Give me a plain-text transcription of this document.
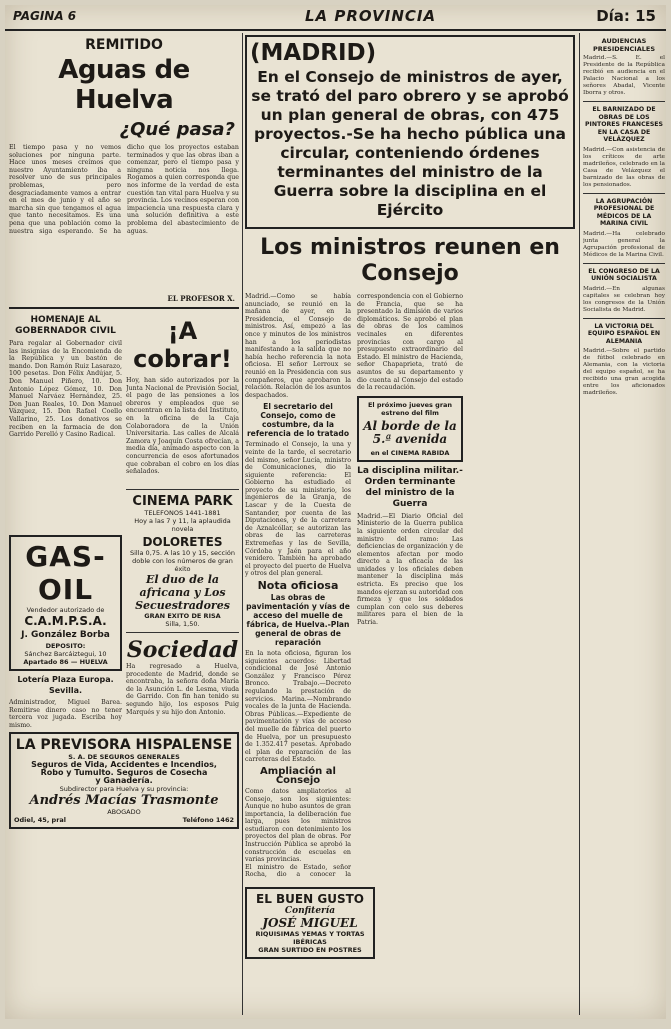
PAGINA 6	LA PROVINCIA	Día: 15
REMITIDO
Aguas de Huelva
¿Qué pasa?

El tiempo pasa y no vemos soluciones por ninguna parte. Hace unos meses creímos que nuestro Ayuntamiento iba a resolver uno de sus principales problemas, pero desgraciadamente vamos a entrar en el mes de junio y el año se marcha sin que tengamos el agua que tanto necesitamos. Es una pena que una población como la nuestra siga esperando. Se ha dicho que los proyectos estaban terminados y que las obras iban a comenzar, pero el tiempo pasa y ninguna noticia nos llega. Rogamos a quien corresponda que nos informe de la verdad de esta cuestión tan vital para Huelva y su provincia. Los vecinos esperan con impaciencia una respuesta clara y una solución definitiva a este problema del abastecimiento de aguas.

EL PROFESOR X.
HOMENAJE AL GOBERNADOR CIVIL

Para regalar al Gobernador civil las insignias de la Encomienda de la República y un bastón de mando. Don Ramón Ruiz Lasarazo, 100 pesetas. Don Félix Andújar, 5. Don Manuel Piñero, 10. Don Antonio López Gómez, 10. Don Manuel Narváez Hernández, 25. Don Juan Reales, 10. Don Manuel Vázquez, 15. Don Rafael Coello Vallarino, 25. Los donativos se reciben en la farmacia de don Garrido Perelló y Casino Radical.

¡A cobrar!

Hoy, han sido autorizados por la Junta Nacional de Previsión Social, el pago de las pensiones a los obreros y empleados que se encuentran en la lista del Instituto, en la oficina de la Caja Colaboradora de la Unión Universitaria. Las calles de Alcalá Zamora y Joaquín Costa ofrecían, a media día, animado aspecto con la concurrencia de esos afortunados que cobraban el cobro en los días señalados.

CINEMA PARK
TELEFONOS 1441-1881
Hoy a las 7 y 11, la aplaudida novela
GAS-OIL
Vendedor autorizado de
C.A.M.P.S.A.
J. González Borba
DEPOSITO:
Sánchez Barcáiztegui, 10
Apartado 86 — HUELVA
Lotería Plaza Europa. Sevilla.

Administrador, Miguel Barea. Remitirse dinero caso no tener tercera voz jugada. Escriba hoy mismo.

DOLORETES
Silla 0,75. A las 10 y 15, sección doble con los números de gran éxito
El duo de la africana y Los Secuestradores
GRAN EXITO DE RISA
Silla, 1,50.
Sociedad

Ha regresado a Huelva, procedente de Madrid, donde se encontraba, la señora doña María de la Asunción L. de Lesma, viuda de Garrido. Con fin han tenido su segundo hijo, los esposos Puig Marqués y su hijo don Antonio.

LA PREVISORA HISPALENSE
S. A. DE SEGUROS GENERALES
Seguros de Vida, Accidentes e Incendios,
Robo y Tumulto. Seguros de Cosecha
y Ganadería.
Subdirector para Huelva y su provincia:
Andrés Macías Trasmonte
ABOGADO
Odiel, 45, pral	Teléfono 1462
(MADRID)
En el Consejo de ministros de ayer, se trató del paro obrero y se aprobó un plan general de obras, con 475 proyectos.-Se ha hecho pública una circular, conteniendo órdenes terminantes del ministro de la Guerra sobre la disciplina en el Ejército
Los ministros reunen en Consejo

Madrid.—Como se había anunciado, se reunió en la mañana de ayer, en la Presidencia, el Consejo de ministros. Así, empezó a las once y minutos de los ministros han a los periodistas manifestando a la salida que no había hecho referencia la nota oficiosa. El señor Lerroux se reunió en la Presidencia con sus compañeros, que aprobaron la relación. Relación de los asuntos despachados.

El secretario del Consejo, como de costumbre, da la referencia de lo tratado

Terminado el Consejo, la una y veinte de la tarde, el secretario del mismo, señor Lucía, ministro de Comunicaciones, dio la siguiente referencia: El Gobierno ha estudiado el proyecto de su ministerio, los ingenieros de la Granja, de Lascar y de la Cuesta de Santander, por cuenta de las Diputaciones, y de la carretera de Aznalcóllar, se autorizan las obras de las carreteras Extremeñas y las de Sevilla, Córdoba y Jaén para el año venidero. También ha aprobado el proyecto del puerto de Huelva y otros del plan general.

Nota oficiosa
Las obras de pavimentación y vías de acceso del muelle de fábrica, de Huelva.-Plan general de obras de reparación

En la nota oficiosa, figuran los siguientes acuerdos: Libertad condicional de José Antonio González y Francisco Pérez Bronco. Trabajo.—Decreto regulando la prestación de servicios. Marina.—Nombrando vocales de la junta de Hacienda. Obras Públicas.—Expediente de pavimentación y vías de acceso del muelle de fábrica del puerto de Huelva, por un presupuesto de 1.352.417 pesetas. Aprobado el plan de reparación de las carreteras del Estado.

Ampliación al Consejo

Como datos ampliatorios al Consejo, son los siguientes: Aunque no hubo asuntos de gran importancia, la deliberación fue larga, pues los ministros estudiaron con detenimiento los proyectos del plan de obras. Por Instrucción Pública se aprobó la construcción de escuelas en varias provincias.

El ministro de Estado, señor Rocha, dio a conocer la correspondencia con el Gobierno de Francia, que se ha presentado la dimisión de varios diplomáticos. Se aprobó el plan de obras de los caminos vecinales en diferentes provincias con cargo al presupuesto extraordinario del Estado. El ministro de Hacienda, señor Chapaprieta, trató de asuntos de su departamento y dio cuenta al Consejo del estado de la recaudación.

El próximo jueves gran estreno del film
Al borde de la 5.ª avenida
en el CINEMA RABIDA
La disciplina militar.-Orden terminante del ministro de la Guerra

Madrid.—El Diario Oficial del Ministerio de la Guerra publica la siguiente orden circular del ministro del ramo: Las deficiencias de organización y de elementos afectan por modo directo a la eficacia de las unidades y los oficiales deben mantener la disciplina más estricta. Es preciso que los mandos ejerzan su autoridad con firmeza y que los soldados cumplan con celo sus deberes militares para el bien de la Patria.

EL BUEN GUSTO
Confitería
JOSÉ MIGUEL
RIQUISIMAS YEMAS Y TORTAS IBÉRICAS
GRAN SURTIDO EN POSTRES
AUDIENCIAS PRESIDENCIALES

Madrid.—S. E. el Presidente de la República recibió en audiencia en el Palacio Nacional a los señores Abadal, Vicente Iborra y otros.

EL BARNIZADO DE OBRAS DE LOS PINTORES FRANCESES EN LA CASA DE VELÁZQUEZ

Madrid.—Con asistencia de los críticos de arte madrileños, celebrado en la Casa de Velázquez el barnizado de las obras de los pensionados.

LA AGRUPACIÓN PROFESIONAL DE MÉDICOS DE LA MARINA CIVIL

Madrid.—Ha celebrado junta general la Agrupación profesional de Médicos de la Marina Civil.

EL CONGRESO DE LA UNIÓN SOCIALISTA

Madrid.—En algunas capitales se celebran hoy los congresos de la Unión Socialista de Madrid.

LA VICTORIA DEL EQUIPO ESPAÑOL EN ALEMANIA

Madrid.—Sobre el partido de fútbol celebrado en Alemania, con la victoria del equipo español, se ha recibido una gran acogida entre los aficionados madrileños.
